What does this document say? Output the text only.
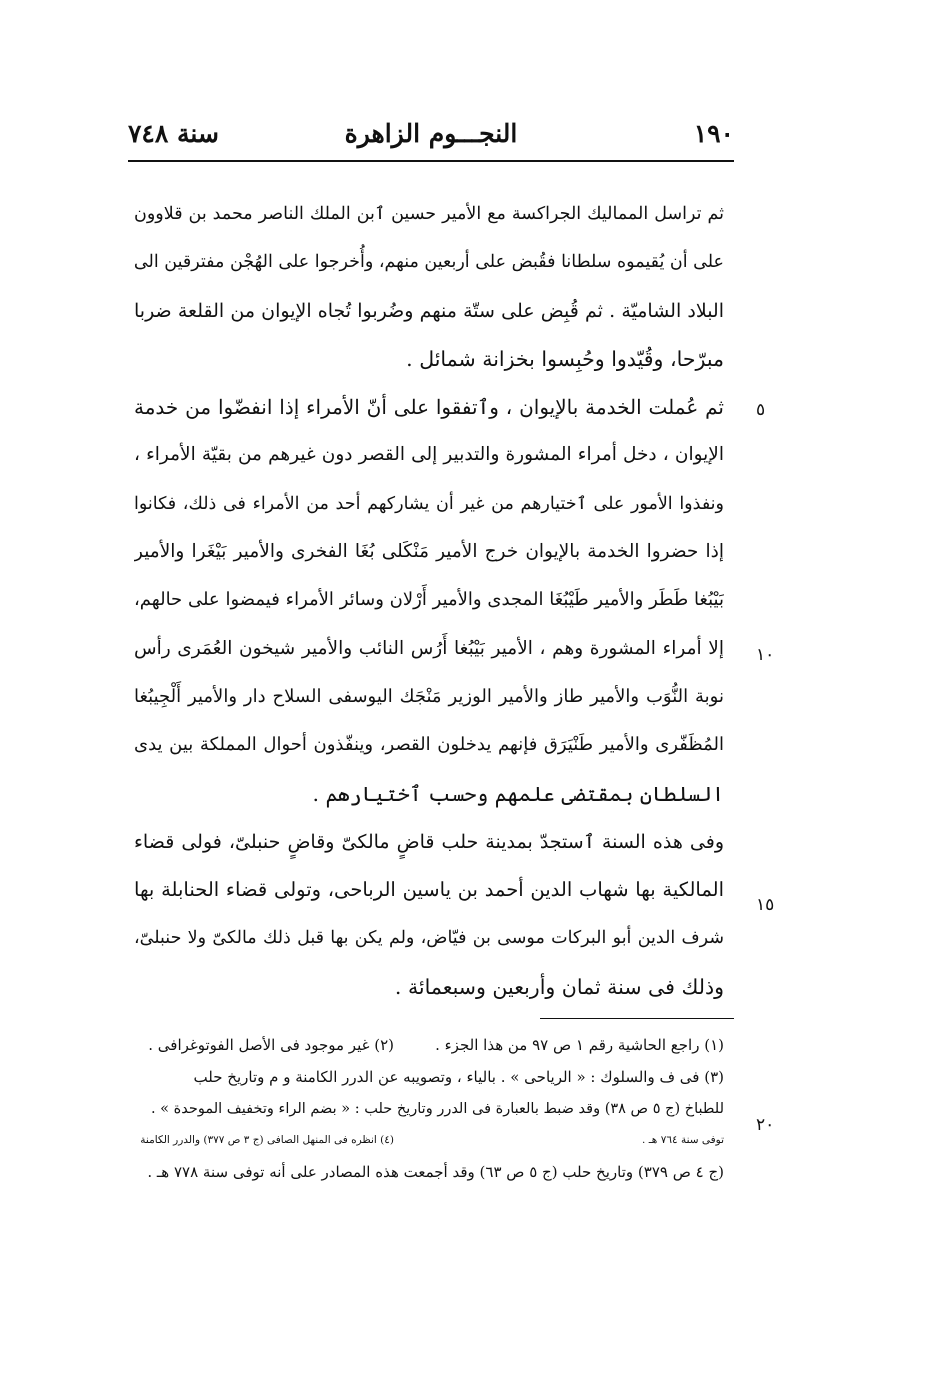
١٩٠
النجـــوم الزاهرة
سنة ٧٤٨
ثم تراسل المماليك الجراكسة مع الأمير حسين ٱبن الملك الناصر محمد بن قلاوون
على أن يُقيموه سلطانا فقُبض على أربعين منهم، وأُخرجوا على الهُجْن مفترقين الى
البلاد الشاميّة . ثم قُبِض على ستّة منهم وضُربوا تُجاه الإيوان من القلعة ضربا
مبرّحا، وقُيّدوا وحُبِسوا بخزانة شمائل .
ثم عُملت الخدمة بالإيوان ، وٱتفقوا على أنّ الأمراء إذا انفضّوا من خدمة
الإيوان ، دخل أمراء المشورة والتدبير إلى القصر دون غيرهم من بقيّة الأمراء ،
ونفذوا الأمور على ٱختيارهم من غير أن يشاركهم أحد من الأمراء فى ذلك، فكانوا
إذا حضروا الخدمة بالإيوان خرج الأمير مَنْكَلى بُغَا الفخرى والأمير بَيْغَرا والأمير
بَيْبُغا طَطَر والأمير طَيْبُغَا المجدى والأمير أَرْلان وسائر الأمراء فيمضوا على حالهم،
إلا أمراء المشورة وهم ، الأمير بَيْبُغا أَرُس النائب والأمير شيخون العُمَرى رأس
نوبة النُّوَب والأمير طاز والأمير الوزير مَنْجَك اليوسفى السلاح دار والأمير أَلْجِيبُغا
المُظَفّرى والأمير طَنْيَرَق فإنهم يدخلون القصر، وينفّذون أحوال المملكة بين يدى
السلطان بمقتضى علمهم وحسب ٱختيارهم .
وفى هذه السنة ٱستجدّ بمدينة حلب قاضٍ مالكىّ وقاضٍ حنبلىّ، فولى قضاء
المالكية بها شهاب الدين أحمد بن ياسين الرباحى، وتولى قضاء الحنابلة بها
شرف الدين أبو البركات موسى بن فيّاض، ولم يكن بها قبل ذلك مالكىّ ولا حنبلىّ،
وذلك فى سنة ثمان وأربعين وسبعمائة .
٥
١٠
١٥
٢٠
(١) راجع الحاشية رقم ١ ص ٩٧ من هذا الجزء .
(٢) غير موجود فى الأصل الفوتوغرافى .
(٣) فى ف والسلوك : « الرياحى » . بالياء ، وتصويبه عن الدرر الكامنة و م وتاريخ حلب
للطباخ (ج ٥ ص ٣٨) وقد ضبط بالعبارة فى الدرر وتاريخ حلب : « بضم الراء وتخفيف الموحدة » .
توفى سنة ٧٦٤ هـ .
(٤) انظره فى المنهل الصافى (ج ٣ ص ٣٧٧) والدرر الكامنة
(ج ٤ ص ٣٧٩) وتاريخ حلب (ج ٥ ص ٦٣) وقد أجمعت هذه المصادر على أنه توفى سنة ٧٧٨ هـ .
